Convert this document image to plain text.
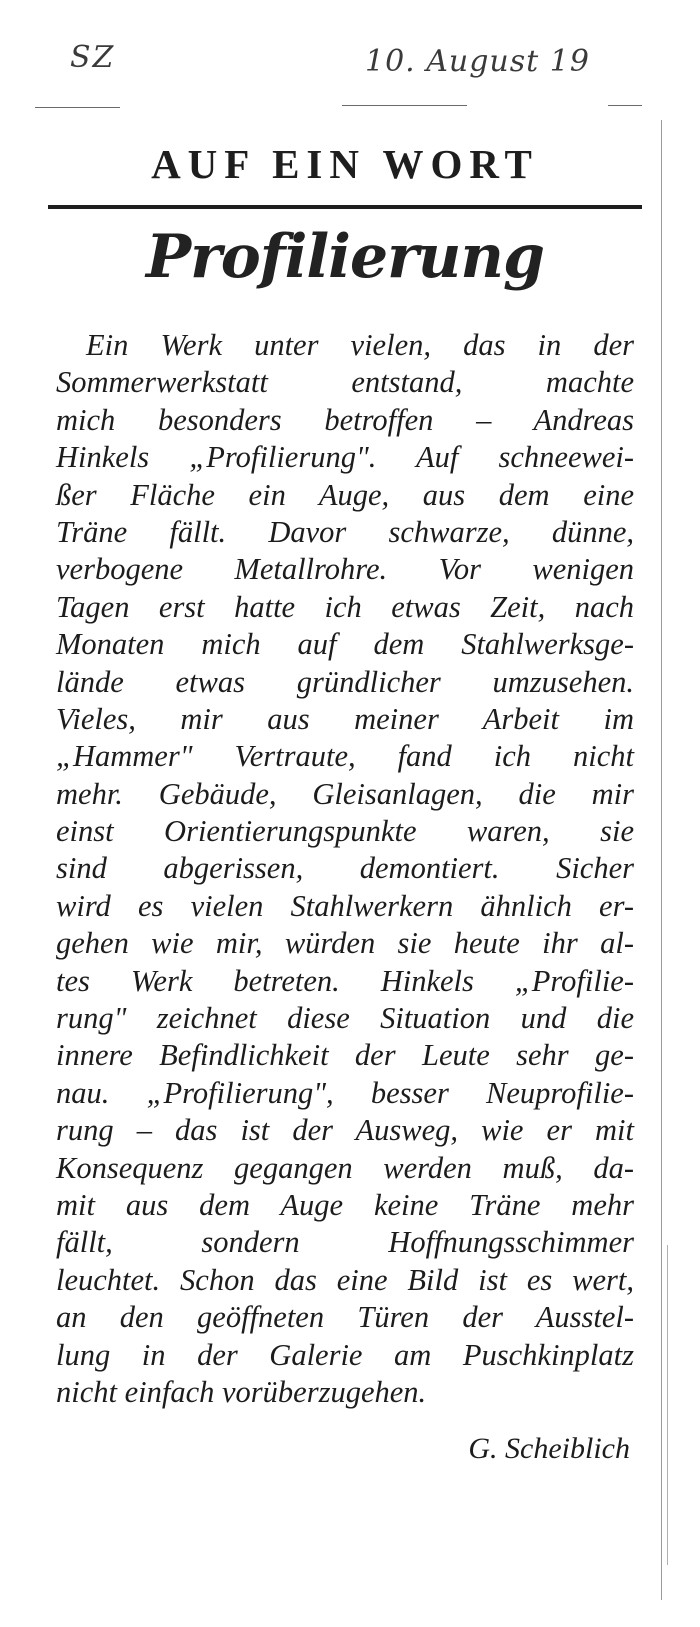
SZ	10. August 19
AUF EIN WORT
Profilierung
Ein Werk unter vielen, das in der
Sommerwerkstatt entstand, machte
mich besonders betroffen – Andreas
Hinkels „Profilierung". Auf schneewei-
ßer Fläche ein Auge, aus dem eine
Träne fällt. Davor schwarze, dünne,
verbogene Metallrohre. Vor wenigen
Tagen erst hatte ich etwas Zeit, nach
Monaten mich auf dem Stahlwerksge-
lände etwas gründlicher umzusehen.
Vieles, mir aus meiner Arbeit im
„Hammer" Vertraute, fand ich nicht
mehr. Gebäude, Gleisanlagen, die mir
einst Orientierungspunkte waren, sie
sind abgerissen, demontiert. Sicher
wird es vielen Stahlwerkern ähnlich er-
gehen wie mir, würden sie heute ihr al-
tes Werk betreten. Hinkels „Profilie-
rung" zeichnet diese Situation und die
innere Befindlichkeit der Leute sehr ge-
nau. „Profilierung", besser Neuprofilie-
rung – das ist der Ausweg, wie er mit
Konsequenz gegangen werden muß, da-
mit aus dem Auge keine Träne mehr
fällt, sondern Hoffnungsschimmer
leuchtet. Schon das eine Bild ist es wert,
an den geöffneten Türen der Ausstel-
lung in der Galerie am Puschkinplatz
nicht einfach vorüberzugehen.
G. Scheiblich
